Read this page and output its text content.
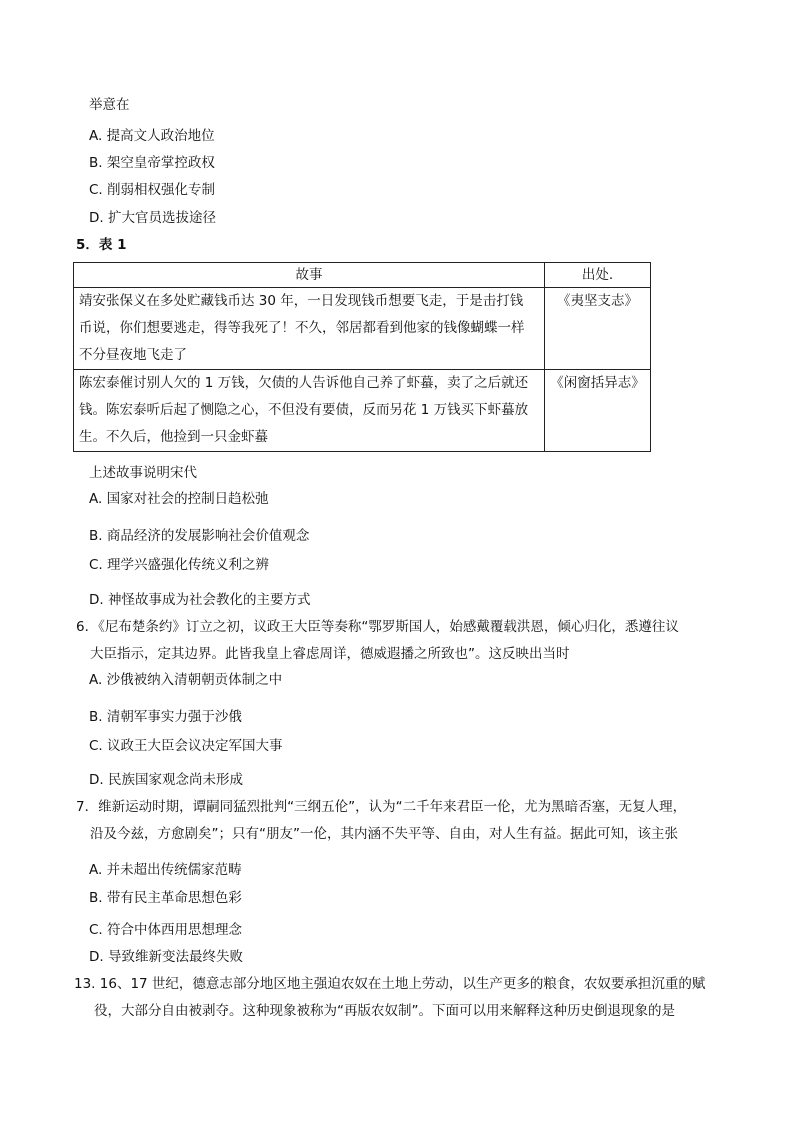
举意在
A. 提高文人政治地位
B. 架空皇帝掌控政权
C. 削弱相权强化专制
D. 扩大官员选拔途径
5．表 1
故事	出处.

靖安张保义在多处贮藏钱币达 30 年，一日发现钱币想要飞走，于是击打钱
币说，你们想要逃走，得等我死了！不久，邻居都看到他家的钱像蝴蝶一样
不分昼夜地飞走了	《夷坚支志》

陈宏泰催讨别人欠的 1 万钱，欠债的人告诉他自己养了虾蟇，卖了之后就还
钱。陈宏泰听后起了恻隐之心，不但没有要债，反而另花 1 万钱买下虾蟇放
生。不久后，他捡到一只金虾蟇	《闲窗括异志》
上述故事说明宋代
A. 国家对社会的控制日趋松弛
B. 商品经济的发展影响社会价值观念
C. 理学兴盛强化传统义利之辨
D. 神怪故事成为社会教化的主要方式
6．《尼布楚条约》订立之初，议政王大臣等奏称“鄂罗斯国人，始感戴覆载洪恩，倾心归化，悉遵往议
大臣指示，定其边界。此皆我皇上睿虑周详，德威遐播之所致也”。这反映出当时
A. 沙俄被纳入清朝朝贡体制之中
B. 清朝军事实力强于沙俄
C. 议政王大臣会议决定军国大事
D. 民族国家观念尚未形成
7．维新运动时期，谭嗣同猛烈批判“三纲五伦”，认为“二千年来君臣一伦，尤为黑暗否塞，无复人理，
沿及今兹，方愈剧矣”；只有“朋友”一伦，其内涵不失平等、自由，对人生有益。据此可知，该主张
A. 并未超出传统儒家范畴
B. 带有民主革命思想色彩
C. 符合中体西用思想理念
D. 导致维新变法最终失败
13. 16、17 世纪，德意志部分地区地主强迫农奴在土地上劳动，以生产更多的粮食，农奴要承担沉重的赋
役，大部分自由被剥夺。这种现象被称为“再版农奴制”。下面可以用来解释这种历史倒退现象的是
